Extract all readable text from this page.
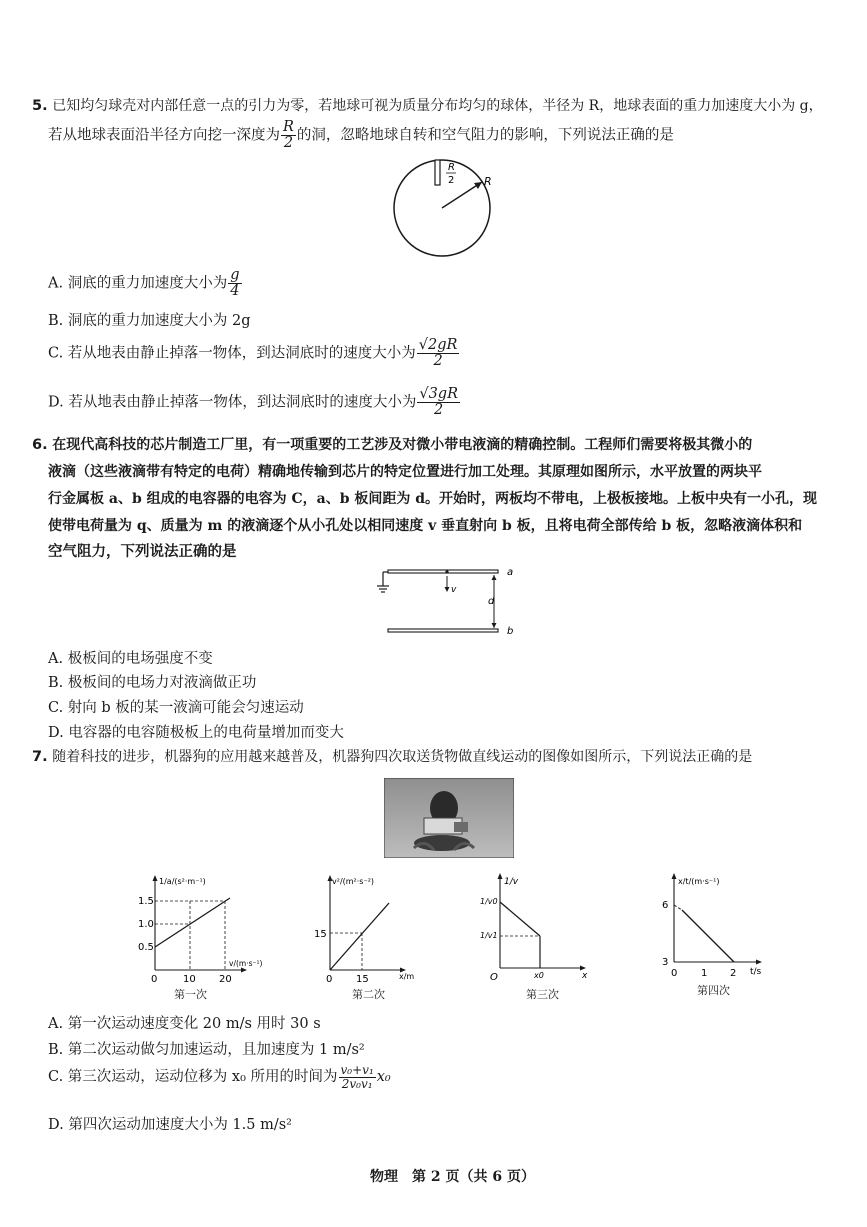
5. 已知均匀球壳对内部任意一点的引力为零，若地球可视为质量分布均匀的球体，半径为 R，地球表面的重力加速度大小为 g，
若从地球表面沿半径方向挖一深度为 $\frac{R}{2}$ 的洞，忽略地球自转和空气阻力的影响，下列说法正确的是
R
2	R
A. 洞底的重力加速度大小为 $\frac{g}{4}$
B. 洞底的重力加速度大小为 2g
C. 若从地表由静止掉落一物体，到达洞底时的速度大小为 $\frac{√2gR}{2}$
D. 若从地表由静止掉落一物体，到达洞底时的速度大小为 $\frac{√3gR}{2}$
6. 在现代高科技的芯片制造工厂里，有一项重要的工艺涉及对微小带电液滴的精确控制。工程师们需要将极其微小的
液滴（这些液滴带有特定的电荷）精确地传输到芯片的特定位置进行加工处理。其原理如图所示，水平放置的两块平
行金属板 a、b 组成的电容器的电容为 C，a、b 板间距为 d。开始时，两板均不带电，上极板接地。上板中央有一小孔，现
使带电荷量为 q、质量为 m 的液滴逐个从小孔处以相同速度 v 垂直射向 b 板，且将电荷全部传给 b 板，忽略液滴体积和
空气阻力，下列说法正确的是
a
v
d
b
A. 极板间的电场强度不变
B. 极板间的电场力对液滴做正功
C. 射向 b 板的某一液滴可能会匀速运动
D. 电容器的电容随极板上的电荷量增加而变大
7. 随着科技的进步，机器狗的应用越来越普及，机器狗四次取送货物做直线运动的图像如图所示，下列说法正确的是
1/a/(s²·m⁻¹)
v/(m·s⁻¹)
1.5
1.0
0.5
0	10 20
第一次
v²/(m²·s⁻²)
x/m
15
0 15
第二次
1/v
x
1/v0
1/v1
O	x0
第三次
x/t/(m·s⁻¹)
t/s
6
3
0 1 2
第四次
A. 第一次运动速度变化 20 m/s 用时 30 s
B. 第二次运动做匀加速运动，且加速度为 1 m/s²
C. 第三次运动，运动位移为 x₀ 所用的时间为 $\frac{\text{v₀+v₁}}{\text{2v₀v₁}} x_0$
D. 第四次运动加速度大小为 1.5 m/s²
物理　第 2 页（共 6 页）
